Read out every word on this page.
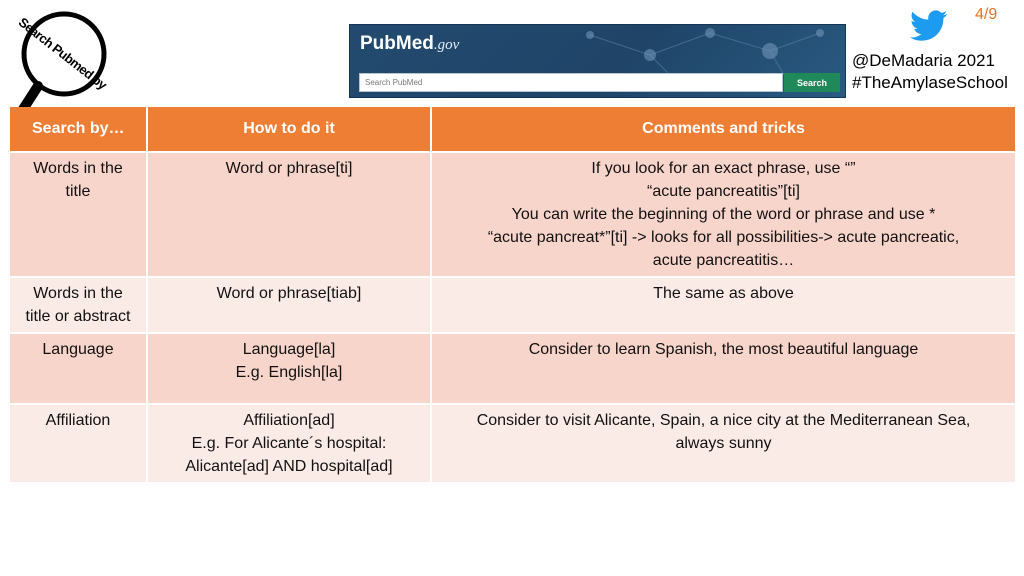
Search Pubmed by	PubMed.gov
Search PubMed	Search
4/9
@DeMadaria 2021
#TheAmylaseSchool
Search by…	How to do it	Comments and tricks

Words in the
title	Word or phrase[ti]	If you look for an exact phrase, use “”
“acute pancreatitis”[ti]
You can write the beginning of the word or phrase and use *
“acute pancreat*”[ti] -> looks for all possibilities-> acute pancreatic,
acute pancreatitis…

Words in the
title or abstract	Word or phrase[tiab]	The same as above

Language	Language[la]
E.g. English[la]	Consider to learn Spanish, the most beautiful language

Affiliation	Affiliation[ad]
E.g. For Alicante´s hospital:
Alicante[ad] AND hospital[ad]	Consider to visit Alicante, Spain, a nice city at the Mediterranean Sea,
always sunny
